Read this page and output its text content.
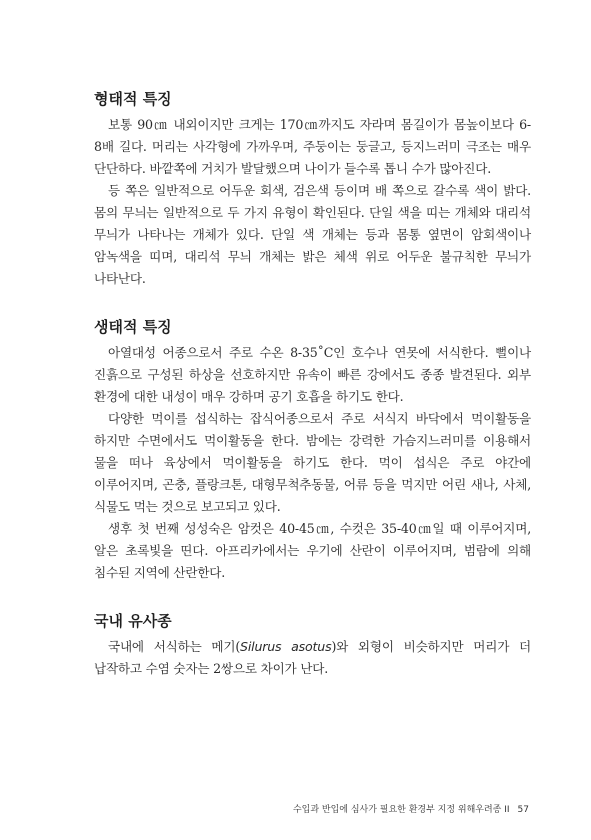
형태적 특징

보통 90㎝ 내외이지만 크게는 170㎝까지도 자라며 몸길이가 몸높이보다 6-8배 길다. 머리는 사각형에 가까우며, 주둥이는 둥글고, 등지느러미 극조는 매우 단단하다. 바깥쪽에 거치가 발달했으며 나이가 들수록 톱니 수가 많아진다.

등 쪽은 일반적으로 어두운 회색, 검은색 등이며 배 쪽으로 갈수록 색이 밝다. 몸의 무늬는 일반적으로 두 가지 유형이 확인된다. 단일 색을 띠는 개체와 대리석 무늬가 나타나는 개체가 있다. 단일 색 개체는 등과 몸통 옆면이 암회색이나 암녹색을 띠며, 대리석 무늬 개체는 밝은 체색 위로 어두운 불규칙한 무늬가 나타난다.

생태적 특징

아열대성 어종으로서 주로 수온 8-35˚C인 호수나 연못에 서식한다. 뻘이나 진흙으로 구성된 하상을 선호하지만 유속이 빠른 강에서도 종종 발견된다. 외부 환경에 대한 내성이 매우 강하며 공기 호흡을 하기도 한다.

다양한 먹이를 섭식하는 잡식어종으로서 주로 서식지 바닥에서 먹이활동을 하지만 수면에서도 먹이활동을 한다. 밤에는 강력한 가슴지느러미를 이용해서 물을 떠나 육상에서 먹이활동을 하기도 한다. 먹이 섭식은 주로 야간에 이루어지며, 곤충, 플랑크톤, 대형무척추동물, 어류 등을 먹지만 어린 새나, 사체, 식물도 먹는 것으로 보고되고 있다.

생후 첫 번째 성성숙은 암컷은 40-45㎝, 수컷은 35-40㎝일 때 이루어지며, 알은 초록빛을 띤다. 아프리카에서는 우기에 산란이 이루어지며, 범람에 의해 침수된 지역에 산란한다.

국내 유사종

국내에 서식하는 메기(Silurus asotus)와 외형이 비슷하지만 머리가 더 납작하고 수염 숫자는 2쌍으로 차이가 난다.

수입과 반입에 심사가 필요한 환경부 지정 위해우려종 II 57
